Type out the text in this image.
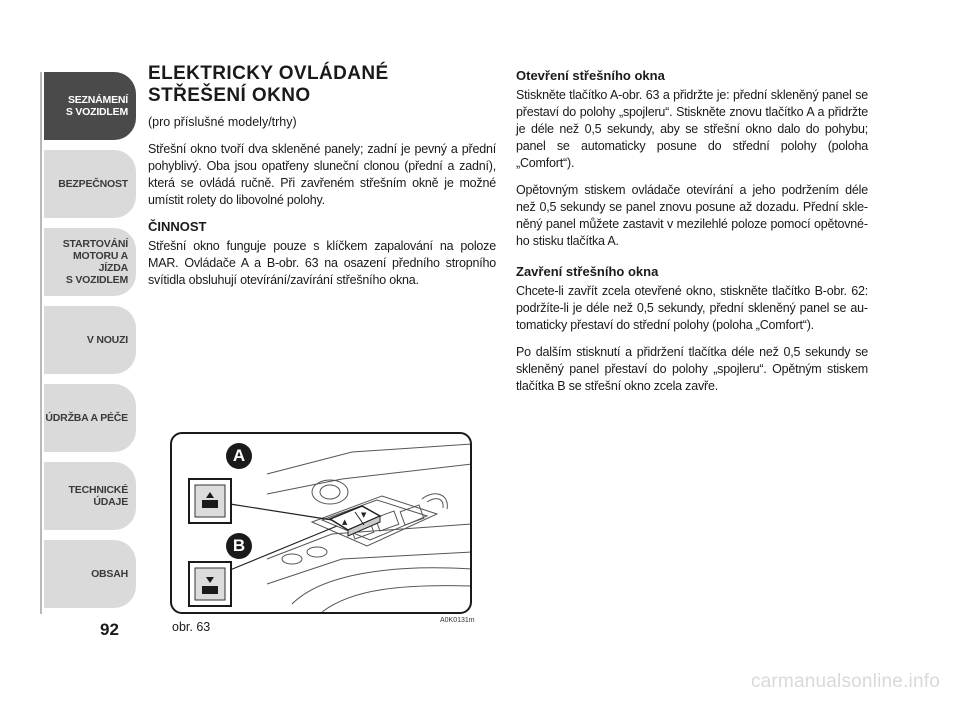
SEZNÁMENÍ
S VOZIDLEM
BEZPEČNOST
STARTOVÁNÍ
MOTORU A JÍZDA
S VOZIDLEM
V NOUZI
ÚDRŽBA A PÉČE
TECHNICKÉ
ÚDAJE
OBSAH
92
ELEKTRICKY OVLÁDANÉ
STŘEŠENÍ OKNO
(pro příslušné modely/trhy)

Střešní okno tvoří dva skleněné panely; zadní je pevný a přední pohyblivý. Oba jsou opatřeny sluneční clonou (přední a zadní), která se ovládá ručně. Při zavřeném střešním okně je možné umístit rolety do libovolné polohy.

ČINNOST

Střešní okno funguje pouze s klíčkem zapalování na poloze MAR. Ovládače A a B-obr. 63 na osazení předního stropního svítidla obsluhují otevírání/zavírání střešního okna.

Otevření střešního okna

Stiskněte tlačítko A-obr. 63 a přidržte je: přední skleněný panel se přestaví do polohy „spojleru“. Stiskněte znovu tlačítko A a přidržte je déle než 0,5 sekundy, aby se střešní okno dalo do pohybu; panel se automaticky posune do střední polohy (poloha „Comfort“).

Opětovným stiskem ovládače otevírání a jeho podržením déle než 0,5 sekundy se panel znovu posune až dozadu. Přední skleněný panel můžete zastavit v mezilehlé poloze pomocí opětovného stisku tlačítka A.

Zavření střešního okna

Chcete-li zavřít zcela otevřené okno, stiskněte tlačítko B-obr. 62: podržíte-li je déle než 0,5 sekundy, přední skleněný panel se automaticky přestaví do střední polohy (poloha „Comfort“).

Po dalším stisknutí a přidržení tlačítka déle než 0,5 sekundy se skleněný panel přestaví do polohy „spojleru“. Opětným stiskem tlačítka B se střešní okno zcela zavře.

▲
▼
A
B
obr. 63	A0K0131m
carmanualsonline.info
